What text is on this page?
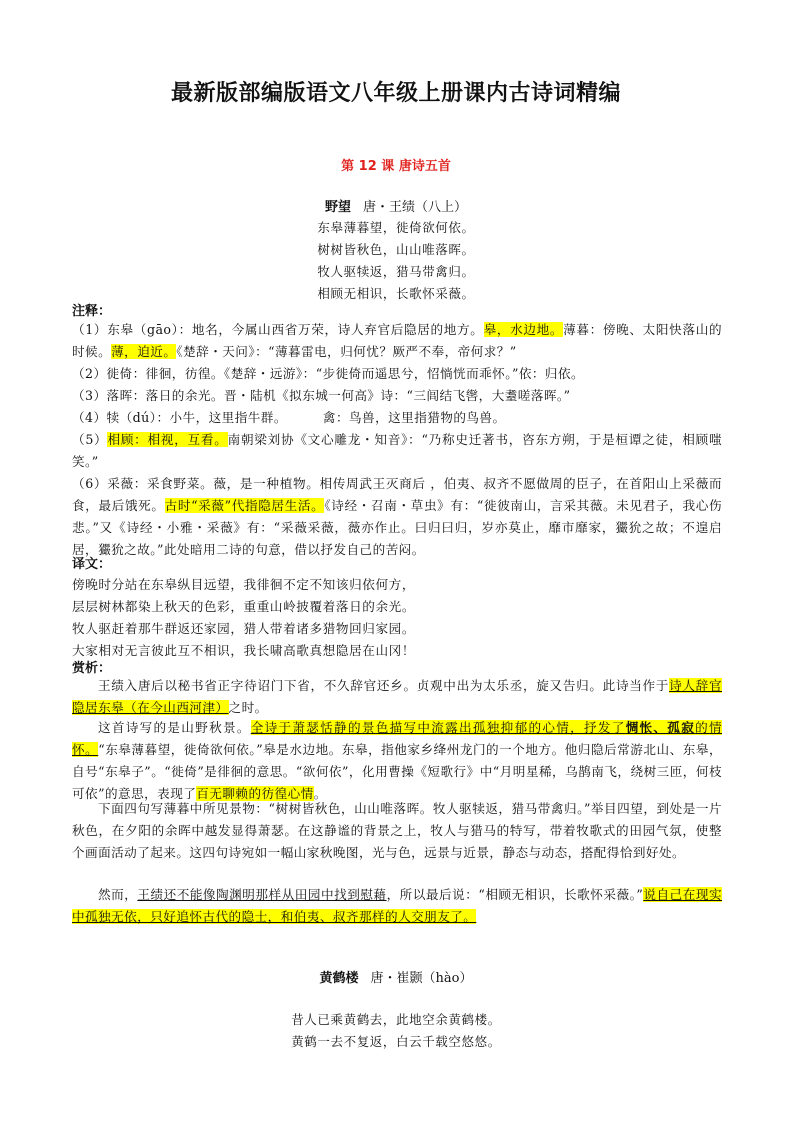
最新版部编版语文八年级上册课内古诗词精编
第 12 课 唐诗五首
野望 唐・王绩（八上）
东皋薄暮望，徙倚欲何依。
树树皆秋色，山山唯落晖。
牧人驱犊返，猎马带禽归。
相顾无相识，长歌怀采薇。
注释：
（1）东皋（gāo）：地名，今属山西省万荣，诗人弃官后隐居的地方。皋，水边地。薄暮：傍晚、太阳快落山的时候。薄，迫近。《楚辞・天问》：“薄暮雷电，归何忧？厥严不奉，帝何求？”
（2）徙倚：徘徊，彷徨。《楚辞・远游》：“步徙倚而遥思兮，怊惝恍而乖怀。”依：归依。
（3）落晖：落日的余光。晋・陆机《拟东城一何高》诗：“三闾结飞辔，大耋嗟落晖。”
（4）犊（dú）：小牛，这里指牛群。	禽：鸟兽，这里指猎物的鸟兽。
（5）相顾：相视，互看。南朝梁刘协《文心雕龙・知音》：“乃称史迁著书，咨东方朔，于是桓谭之徒，相顾嗤笑。”
（6）采薇：采食野菜。薇，是一种植物。相传周武王灭商后 ，伯夷、叔齐不愿做周的臣子，在首阳山上采薇而食，最后饿死。古时“采薇”代指隐居生活。《诗经・召南・草虫》有：“徙彼南山，言采其薇。未见君子，我心伤悲。”又《诗经・小雅・采薇》有：“采薇采薇，薇亦作止。曰归曰归，岁亦莫止，靡市靡家，玁狁之故；不遑启居，玁狁之故。”此处暗用二诗的句意，借以抒发自己的苦闷。
译文：
傍晚时分站在东皋纵目远望，我徘徊不定不知该归依何方，
层层树林都染上秋天的色彩，重重山岭披覆着落日的余光。
牧人驱赶着那牛群返还家园，猎人带着诸多猎物回归家园。
大家相对无言彼此互不相识，我长啸高歌真想隐居在山冈！
赏析：
王绩入唐后以秘书省正字待诏门下省，不久辞官还乡。贞观中出为太乐丞，旋又告归。此诗当作于诗人辞官隐居东皋（在今山西河津）之时。
这首诗写的是山野秋景。全诗于萧瑟恬静的景色描写中流露出孤独抑郁的心情，抒发了惆怅、孤寂的情怀。“东皋薄暮望，徙倚欲何依。”皋是水边地。东皋，指他家乡绛州龙门的一个地方。他归隐后常游北山、东皋，自号“东皋子”。“徙倚”是徘徊的意思。“欲何依”，化用曹操《短歌行》中“月明星稀，乌鹊南飞，绕树三匝，何枝可依”的意思，表现了百无聊赖的彷徨心情。
下面四句写薄暮中所见景物：“树树皆秋色，山山唯落晖。牧人驱犊返，猎马带禽归。”举目四望，到处是一片秋色，在夕阳的余晖中越发显得萧瑟。在这静谧的背景之上，牧人与猎马的特写，带着牧歌式的田园气氛，使整个画面活动了起来。这四句诗宛如一幅山家秋晚图，光与色，远景与近景，静态与动态，搭配得恰到好处。
然而，王绩还不能像陶渊明那样从田园中找到慰藉，所以最后说：“相顾无相识，长歌怀采薇。”说自己在现实中孤独无依，只好追怀古代的隐士，和伯夷、叔齐那样的人交朋友了。
黄鹤楼 唐・崔颢（hào）
昔人已乘黄鹤去，此地空余黄鹤楼。
黄鹤一去不复返，白云千载空悠悠。
